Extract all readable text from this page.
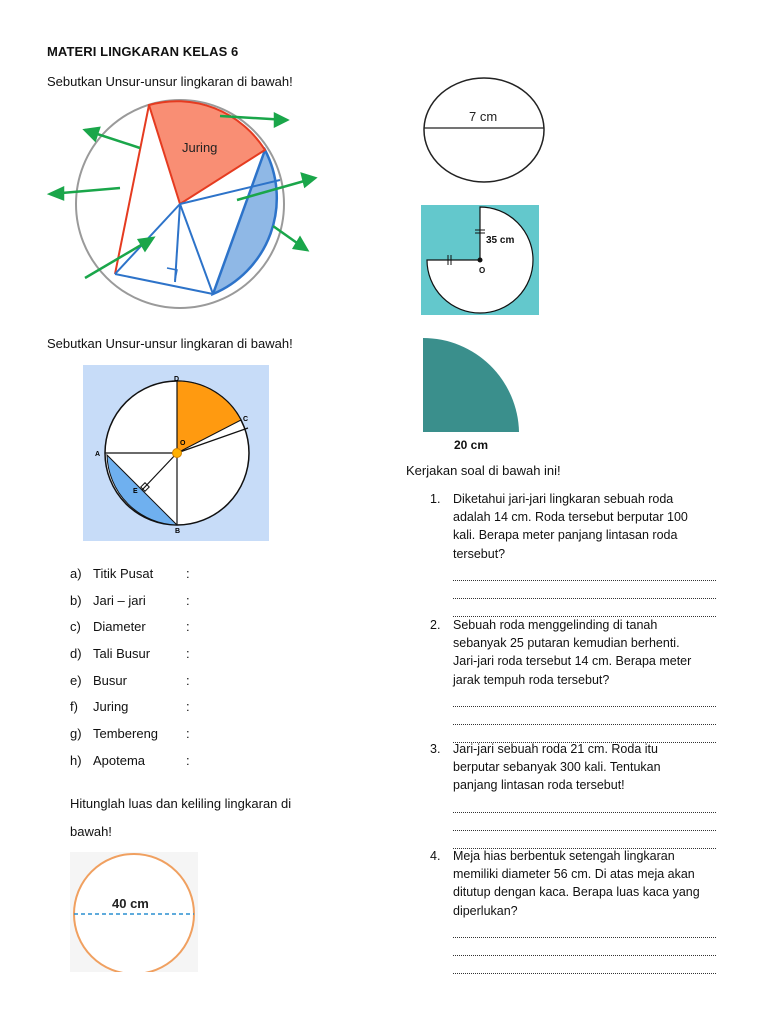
MATERI LINGKARAN KELAS 6
Sebutkan Unsur-unsur lingkaran di bawah!
Juring
Sebutkan Unsur-unsur lingkaran di bawah!
D
C
A
E
B
O
a) Titik Pusat	:
b) Jari – jari	:
c) Diameter	:
d) Tali Busur	:
e) Busur	:
f) Juring	:
g) Tembereng :
h) Apotema	:
Hitunglah luas dan keliling lingkaran di
bawah!
40 cm
7 cm
35 cm
O
20 cm
Kerjakan soal di bawah ini!
1. Diketahui jari-jari lingkaran sebuah roda
adalah 14 cm. Roda tersebut berputar 100
kali. Berapa meter panjang lintasan roda
tersebut?
2. Sebuah roda menggelinding di tanah
sebanyak 25 putaran kemudian berhenti.
Jari-jari roda tersebut 14 cm. Berapa meter
jarak tempuh roda tersebut?
3. Jari-jari sebuah roda 21 cm. Roda itu
berputar sebanyak 300 kali. Tentukan
panjang lintasan roda tersebut!
4. Meja hias berbentuk setengah lingkaran
memiliki diameter 56 cm. Di atas meja akan
ditutup dengan kaca. Berapa luas kaca yang
diperlukan?
